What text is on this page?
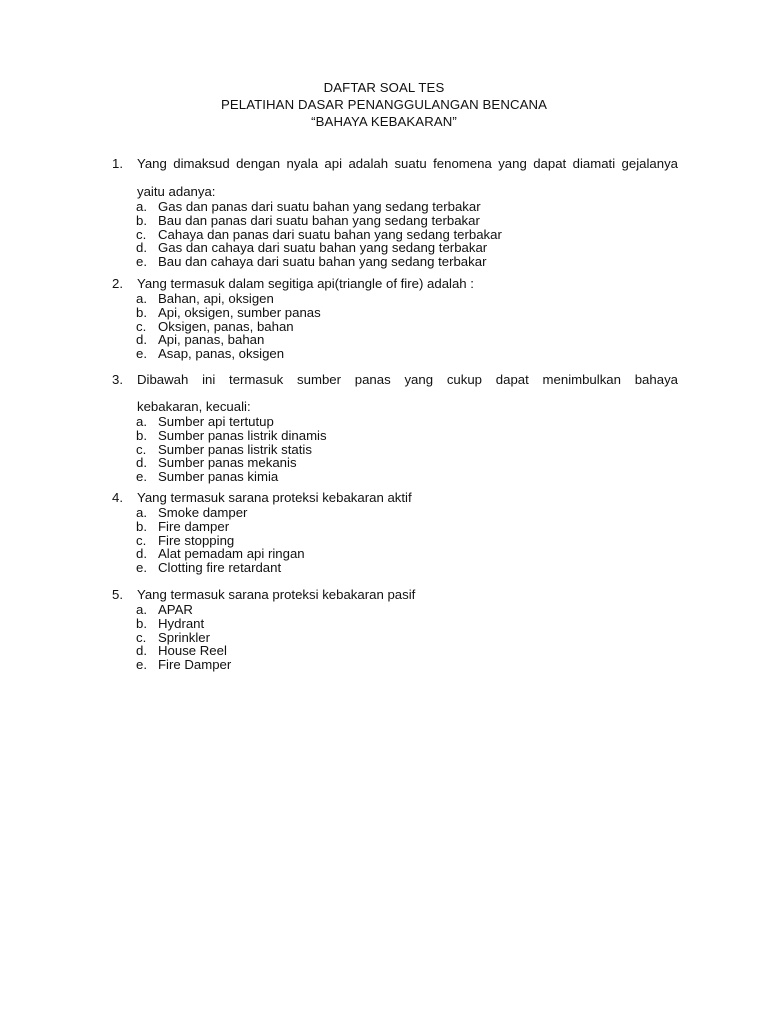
DAFTAR SOAL TES
PELATIHAN DASAR PENANGGULANGAN BENCANA
“BAHAYA KEBAKARAN”
1.	Yang dimaksud dengan nyala api adalah suatu fenomena yang dapat diamati gejalanya
yaitu adanya:
a. Gas dan panas dari suatu bahan yang sedang terbakar
b. Bau dan panas dari suatu bahan yang sedang terbakar
c. Cahaya dan panas dari suatu bahan yang sedang terbakar
d. Gas dan cahaya dari suatu bahan yang sedang terbakar
e. Bau dan cahaya dari suatu bahan yang sedang terbakar
2.	Yang termasuk dalam segitiga api(triangle of fire) adalah :
a. Bahan, api, oksigen
b. Api, oksigen, sumber panas
c. Oksigen, panas, bahan
d. Api, panas, bahan
e. Asap, panas, oksigen
3.	Dibawah ini termasuk sumber panas yang cukup dapat menimbulkan bahaya
kebakaran, kecuali:
a. Sumber api tertutup
b. Sumber panas listrik dinamis
c. Sumber panas listrik statis
d. Sumber panas mekanis
e. Sumber panas kimia
4.	Yang termasuk sarana proteksi kebakaran aktif
a. Smoke damper
b. Fire damper
c. Fire stopping
d. Alat pemadam api ringan
e. Clotting fire retardant
5.	Yang termasuk sarana proteksi kebakaran pasif
a. APAR
b. Hydrant
c. Sprinkler
d. House Reel
e. Fire Damper
